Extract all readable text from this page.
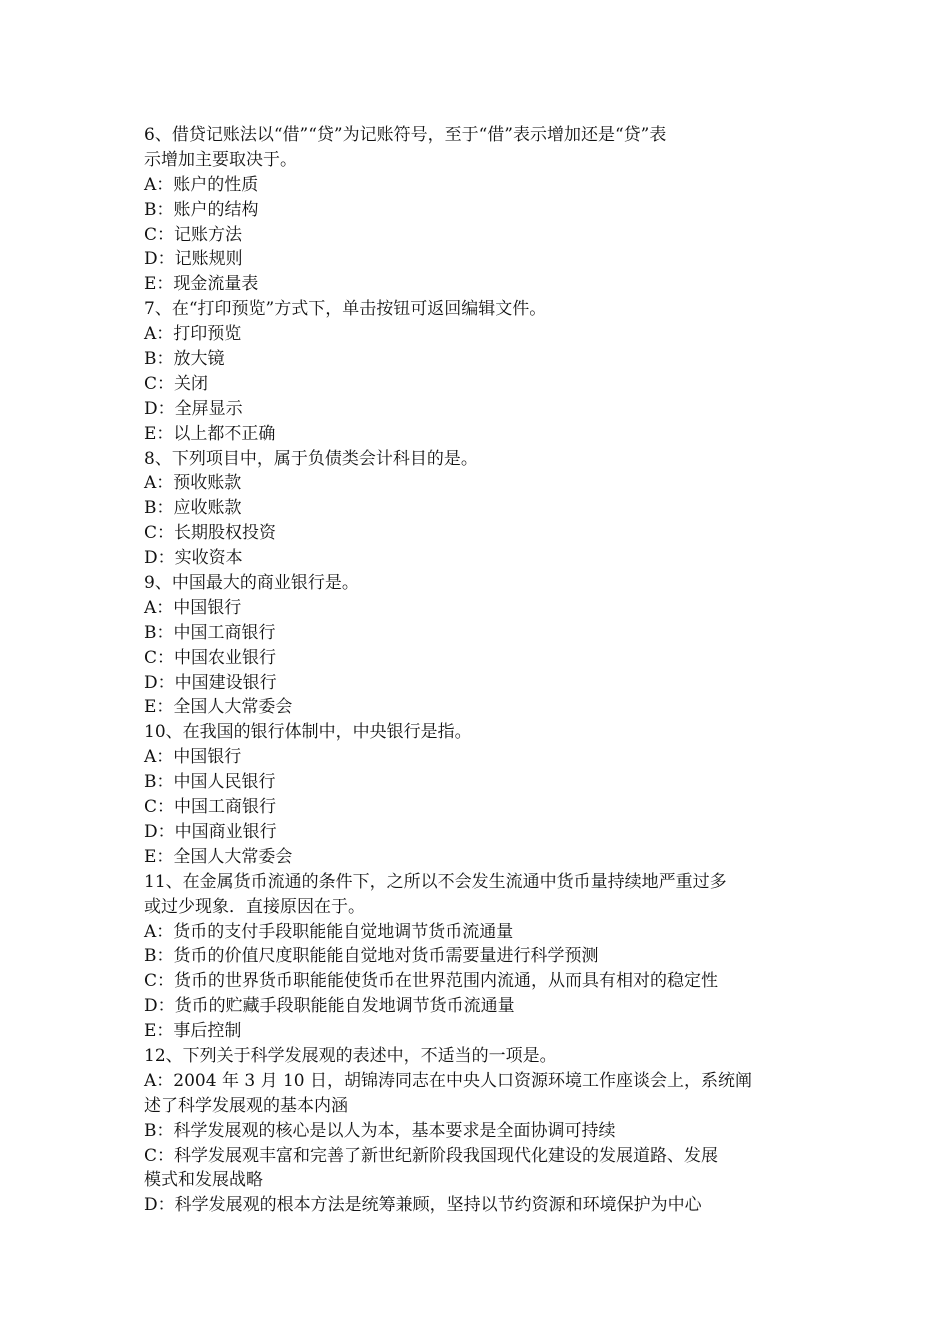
6、借贷记账法以“借”“贷”为记账符号，至于“借”表示增加还是“贷”表
示增加主要取决于。
A：账户的性质
B：账户的结构
C：记账方法
D：记账规则
E：现金流量表
7、在“打印预览”方式下，单击按钮可返回编辑文件。
A：打印预览
B：放大镜
C：关闭
D：全屏显示
E：以上都不正确
8、下列项目中，属于负债类会计科目的是。
A：预收账款
B：应收账款
C：长期股权投资
D：实收资本
9、中国最大的商业银行是。
A：中国银行
B：中国工商银行
C：中国农业银行
D：中国建设银行
E：全国人大常委会
10、在我国的银行体制中，中央银行是指。
A：中国银行
B：中国人民银行
C：中国工商银行
D：中国商业银行
E：全国人大常委会
11、在金属货币流通的条件下，之所以不会发生流通中货币量持续地严重过多
或过少现象．直接原因在于。
A：货币的支付手段职能能自觉地调节货币流通量
B：货币的价值尺度职能能自觉地对货币需要量进行科学预测
C：货币的世界货币职能能使货币在世界范围内流通，从而具有相对的稳定性
D：货币的贮藏手段职能能自发地调节货币流通量
E：事后控制
12、下列关于科学发展观的表述中，不适当的一项是。
A：2004 年 3 月 10 日，胡锦涛同志在中央人口资源环境工作座谈会上，系统阐
述了科学发展观的基本内涵
B：科学发展观的核心是以人为本，基本要求是全面协调可持续
C：科学发展观丰富和完善了新世纪新阶段我国现代化建设的发展道路、发展
模式和发展战略
D：科学发展观的根本方法是统筹兼顾，坚持以节约资源和环境保护为中心
